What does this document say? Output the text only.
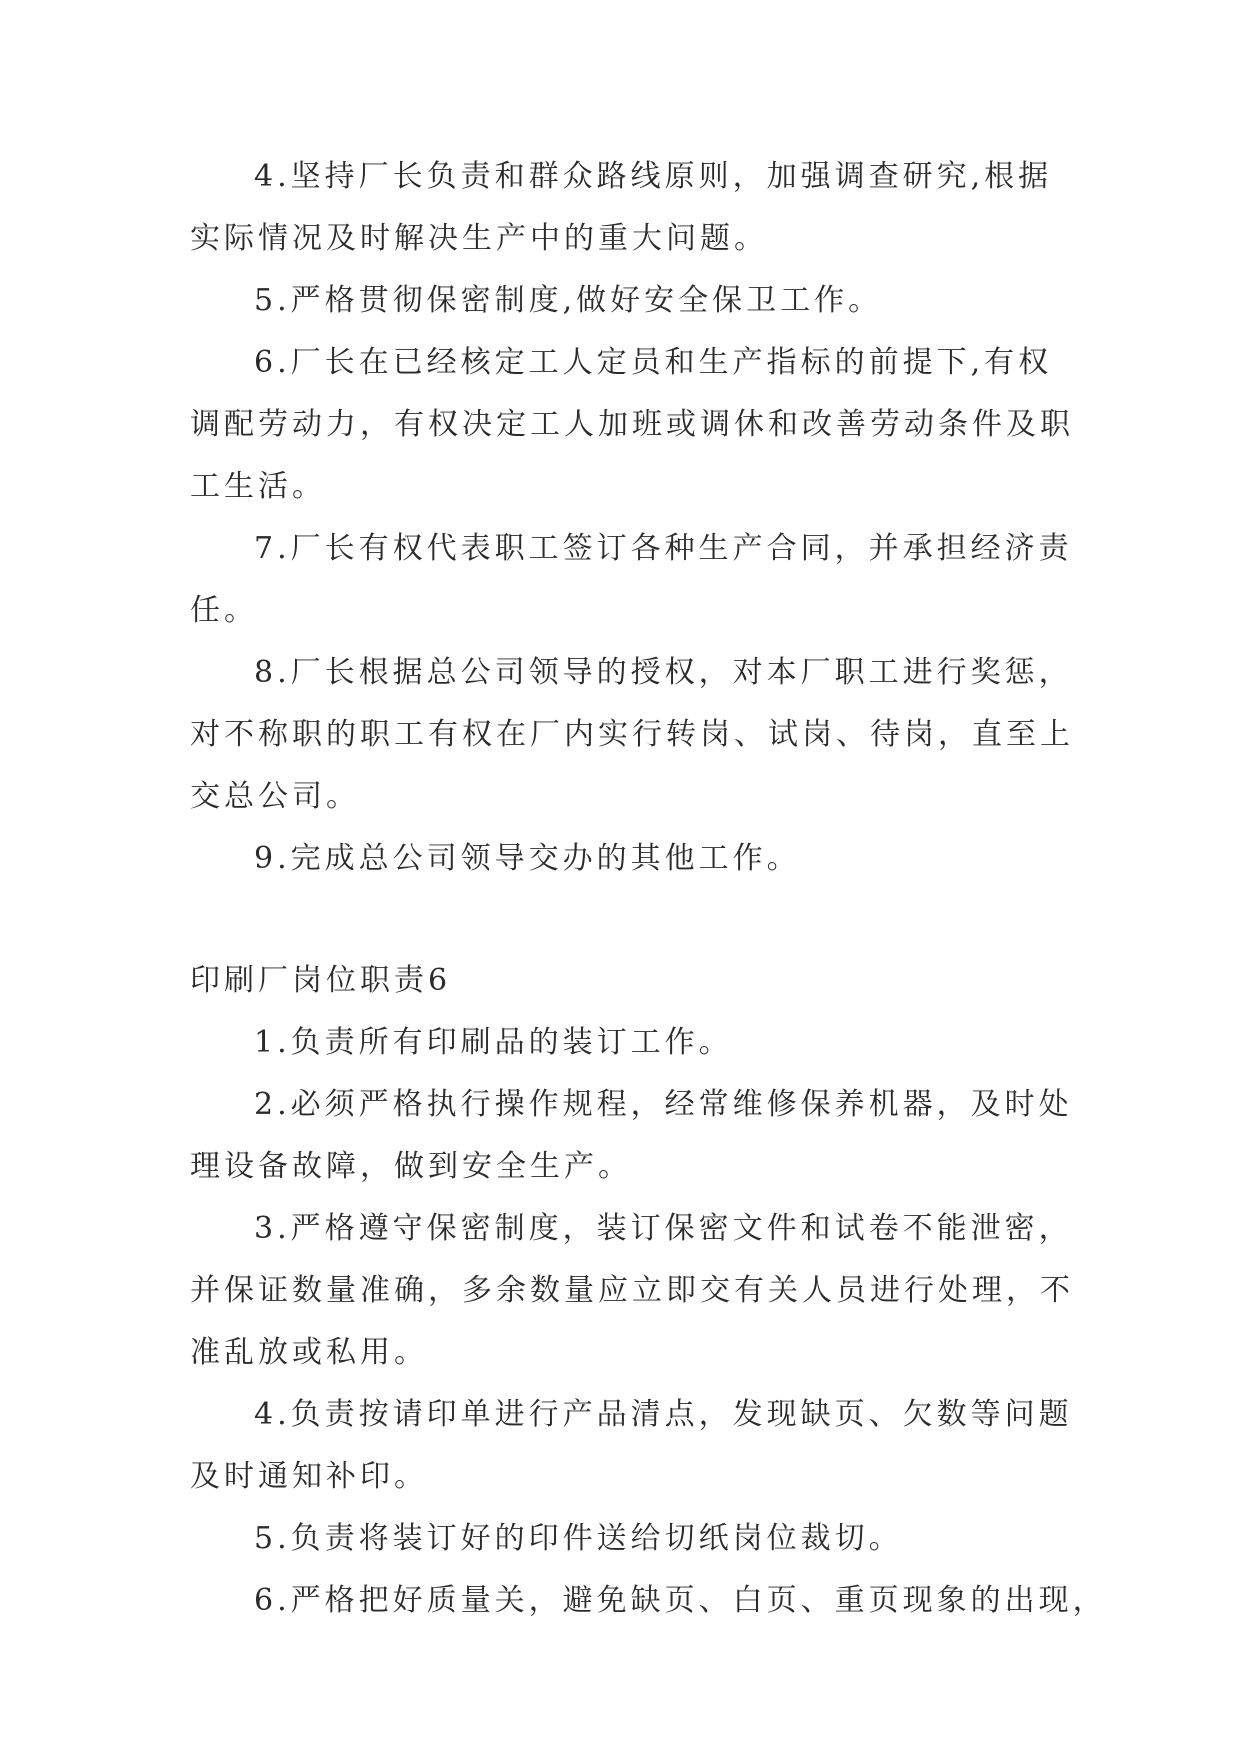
4.坚持厂长负责和群众路线原则，加强调查研究,根据
实际情况及时解决生产中的重大问题。
5.严格贯彻保密制度,做好安全保卫工作。
6.厂长在已经核定工人定员和生产指标的前提下,有权
调配劳动力，有权决定工人加班或调休和改善劳动条件及职
工生活。
7.厂长有权代表职工签订各种生产合同，并承担经济责
任。
8.厂长根据总公司领导的授权，对本厂职工进行奖惩，
对不称职的职工有权在厂内实行转岗、试岗、待岗，直至上
交总公司。
9.完成总公司领导交办的其他工作。
印刷厂岗位职责6
1.负责所有印刷品的装订工作。
2.必须严格执行操作规程，经常维修保养机器，及时处
理设备故障，做到安全生产。
3.严格遵守保密制度，装订保密文件和试卷不能泄密，
并保证数量准确，多余数量应立即交有关人员进行处理，不
准乱放或私用。
4.负责按请印单进行产品清点，发现缺页、欠数等问题
及时通知补印。
5.负责将装订好的印件送给切纸岗位裁切。
6.严格把好质量关，避免缺页、白页、重页现象的出现，
